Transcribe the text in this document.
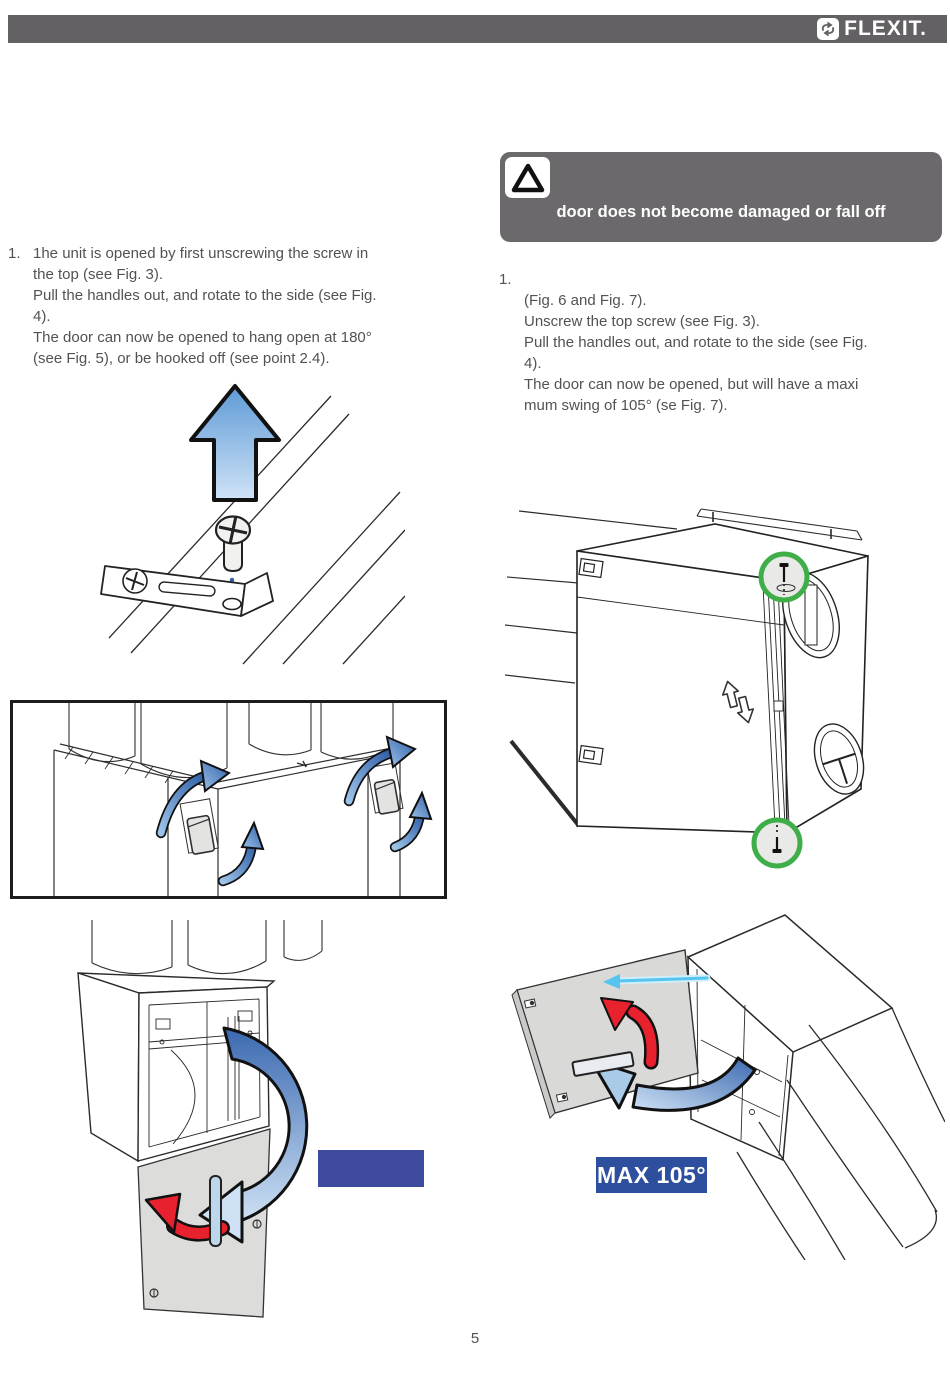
FLEXIT.
door does not become damaged or fall off
1. 1he unit is opened by first unscrewing the screw in
the top (see Fig. 3).
Pull the handles out, and rotate to the side (see Fig.
4).
The door can now be opened to hang open at 180°
(see Fig. 5), or be hooked off (see point 2.4).
1.
(Fig. 6 and Fig. 7).
Unscrew the top screw (see Fig. 3).
Pull the handles out, and rotate to the side (see Fig.
4).
The door can now be opened, but will have a maxi
mum swing of 105° (se Fig. 7).
MAX 105°
5
